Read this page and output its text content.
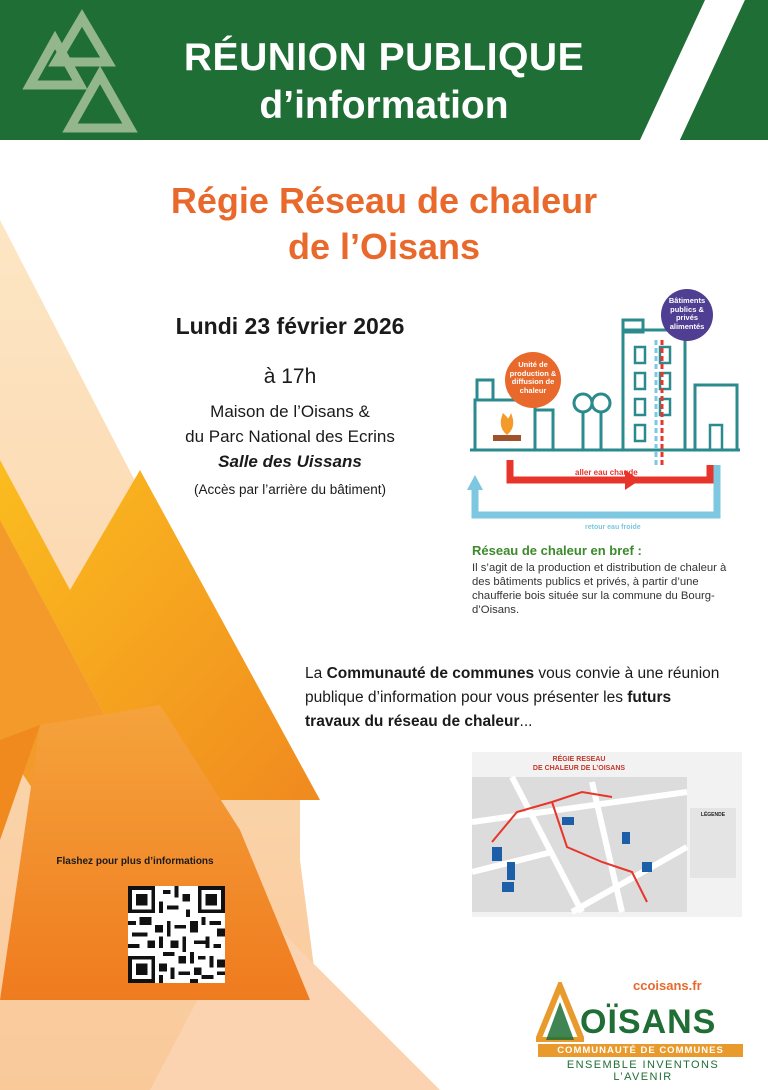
RÉUNION PUBLIQUE
d’information
Régie Réseau de chaleur
de l’Oisans
Lundi 23 février 2026
à 17h
Maison de l’Oisans &
du Parc National des Ecrins
Salle des Uissans
(Accès par l’arrière du bâtiment)
aller eau chaude
retour eau froide
Unité de production & diffusion de chaleur
Bâtiments publics & privés alimentés
Réseau de chaleur en bref :
Il s’agit de la production et distribution de chaleur à des bâtiments publics et privés, à partir d’une chaufferie bois située sur la commune du Bourg-d’Oisans.
La Communauté de communes vous convie à une réunion publique d’information pour vous présenter les futurs travaux du réseau de chaleur...
RÉGIE RESEAU
DE CHALEUR DE L’OISANS
LÉGENDE
Flashez pour plus d’informations
ccoisans.fr
OÏSANS
COMMUNAUTÉ DE COMMUNES
ENSEMBLE INVENTONS L’AVENIR
